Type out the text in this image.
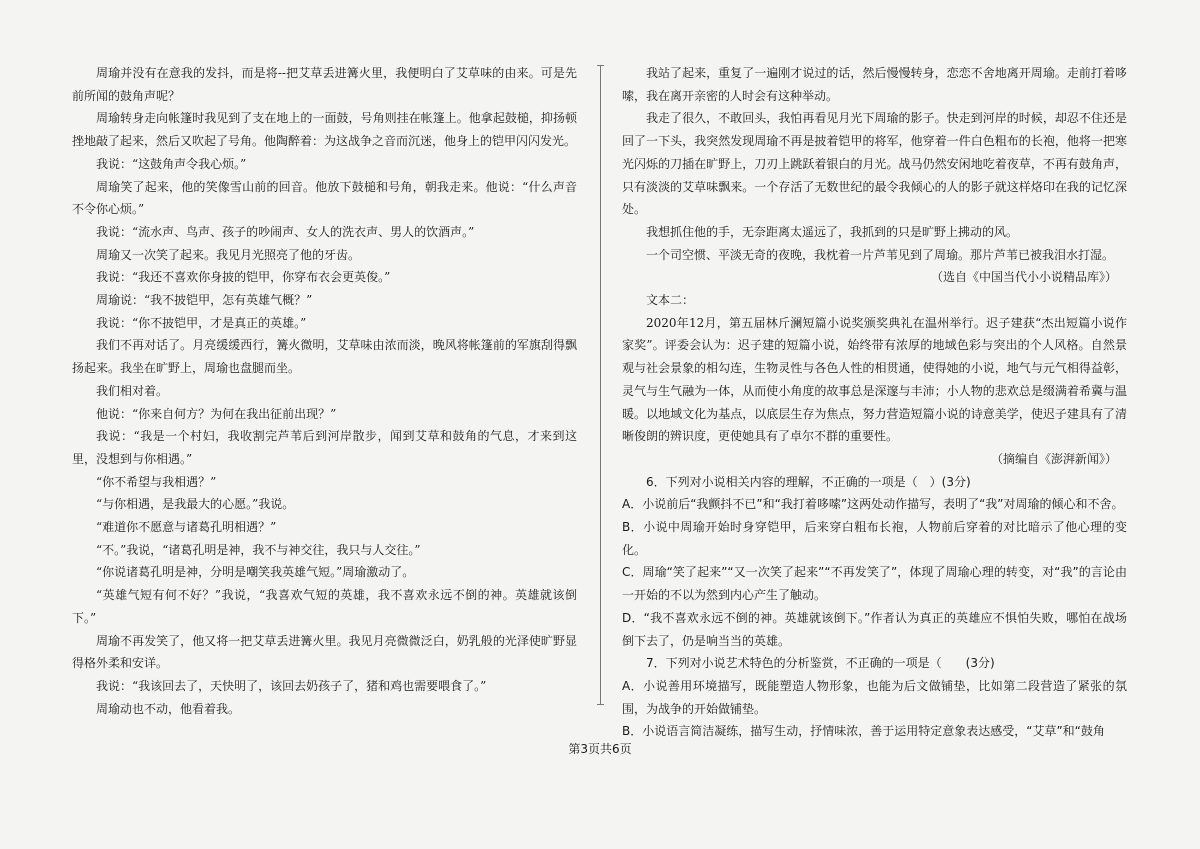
周瑜并没有在意我的发抖，而是将--把艾草丢进篝火里，我便明白了艾草味的由来。可是先前所闻的鼓角声呢？

周瑜转身走向帐篷时我见到了支在地上的一面鼓，号角则挂在帐篷上。他拿起鼓槌，抑扬顿挫地敲了起来，然后又吹起了号角。他陶醉着：为这战争之音而沉迷，他身上的铠甲闪闪发光。

我说：“这鼓角声令我心烦。”

周瑜笑了起来，他的笑像雪山前的回音。他放下鼓槌和号角，朝我走来。他说：“什么声音不令你心烦。”

我说：“流水声、鸟声、孩子的吵闹声、女人的洗衣声、男人的饮酒声。”

周瑜又一次笑了起来。我见月光照亮了他的牙齿。

我说：“我还不喜欢你身披的铠甲，你穿布衣会更英俊。”

周瑜说：“我不披铠甲，怎有英雄气概？”

我说：“你不披铠甲，才是真正的英雄。”

我们不再对话了。月亮缓缓西行，篝火微明，艾草味由浓而淡，晚风将帐篷前的军旗刮得飘扬起来。我坐在旷野上，周瑜也盘腿而坐。

我们相对着。

他说：“你来自何方？为何在我出征前出现？”

我说：“我是一个村妇，我收割完芦苇后到河岸散步，闻到艾草和鼓角的气息，才来到这里，没想到与你相遇。”

“你不希望与我相遇？”

“与你相遇，是我最大的心愿。”我说。

“难道你不愿意与诸葛孔明相遇？”

“不。”我说，“诸葛孔明是神，我不与神交往，我只与人交往。”

“你说诸葛孔明是神，分明是嘲笑我英雄气短。”周瑜激动了。

“英雄气短有何不好？”我说，“我喜欢气短的英雄，我不喜欢永远不倒的神。英雄就该倒下。”

周瑜不再发笑了，他又将一把艾草丢进篝火里。我见月亮微微泛白，奶乳般的光泽使旷野显得格外柔和安详。

我说：“我该回去了，天快明了，该回去奶孩子了，猪和鸡也需要喂食了。”

周瑜动也不动，他看着我。

我站了起来，重复了一遍刚才说过的话，然后慢慢转身，恋恋不舍地离开周瑜。走前打着哆嗦，我在离开亲密的人时会有这种举动。

我走了很久，不敢回头，我怕再看见月光下周瑜的影子。快走到河岸的时候，却忍不住还是回了一下头，我突然发现周瑜不再是披着铠甲的将军，他穿着一件白色粗布的长袍，他将一把寒光闪烁的刀插在旷野上，刀刃上跳跃着银白的月光。战马仍然安闲地吃着夜草，不再有鼓角声，只有淡淡的艾草味飘来。一个存活了无数世纪的最令我倾心的人的影子就这样烙印在我的记忆深处。

我想抓住他的手，无奈距离太遥远了，我抓到的只是旷野上拂动的风。

一个司空惯、平淡无奇的夜晚，我枕着一片芦苇见到了周瑜。那片芦苇已被我泪水打湿。

（选自《中国当代小小说精品库》）

文本二：

2020年12月，第五届林斤澜短篇小说奖颁奖典礼在温州举行。迟子建获“杰出短篇小说作家奖”。评委会认为：迟子建的短篇小说，始终带有浓厚的地域色彩与突出的个人风格。自然景观与社会景象的相勾连，生物灵性与各色人性的相贯通，使得她的小说，地气与元气相得益彰，灵气与生气融为一体，从而使小角度的故事总是深邃与丰沛；小人物的悲欢总是缀满着希冀与温暖。以地域文化为基点，以底层生存为焦点，努力营造短篇小说的诗意美学，使迟子建具有了清晰俊朗的辨识度，更使她具有了卓尔不群的重要性。

（摘编自《澎湃新闻》）

6．下列对小说相关内容的理解，不正确的一项是（　）(3分)

A．小说前后“我颤抖不已”和“我打着哆嗦”这两处动作描写，表明了“我”对周瑜的倾心和不舍。

B．小说中周瑜开始时身穿铠甲，后来穿白粗布长袍，人物前后穿着的对比暗示了他心理的变化。

C．周瑜“笑了起来”“又一次笑了起来”“不再发笑了”，体现了周瑜心理的转变，对“我”的言论由一开始的不以为然到内心产生了触动。

D．“我不喜欢永远不倒的神。英雄就该倒下。”作者认为真正的英雄应不惧怕失败，哪怕在战场倒下去了，仍是响当当的英雄。

7．下列对小说艺术特色的分析鉴赏，不正确的一项是（　　(3分)

A．小说善用环境描写，既能塑造人物形象，也能为后文做铺垫，比如第二段营造了紧张的氛围，为战争的开始做铺垫。

B．小说语言简洁凝练，描写生动，抒情味浓，善于运用特定意象表达感受，“艾草”和“鼓角

第3页共6页
